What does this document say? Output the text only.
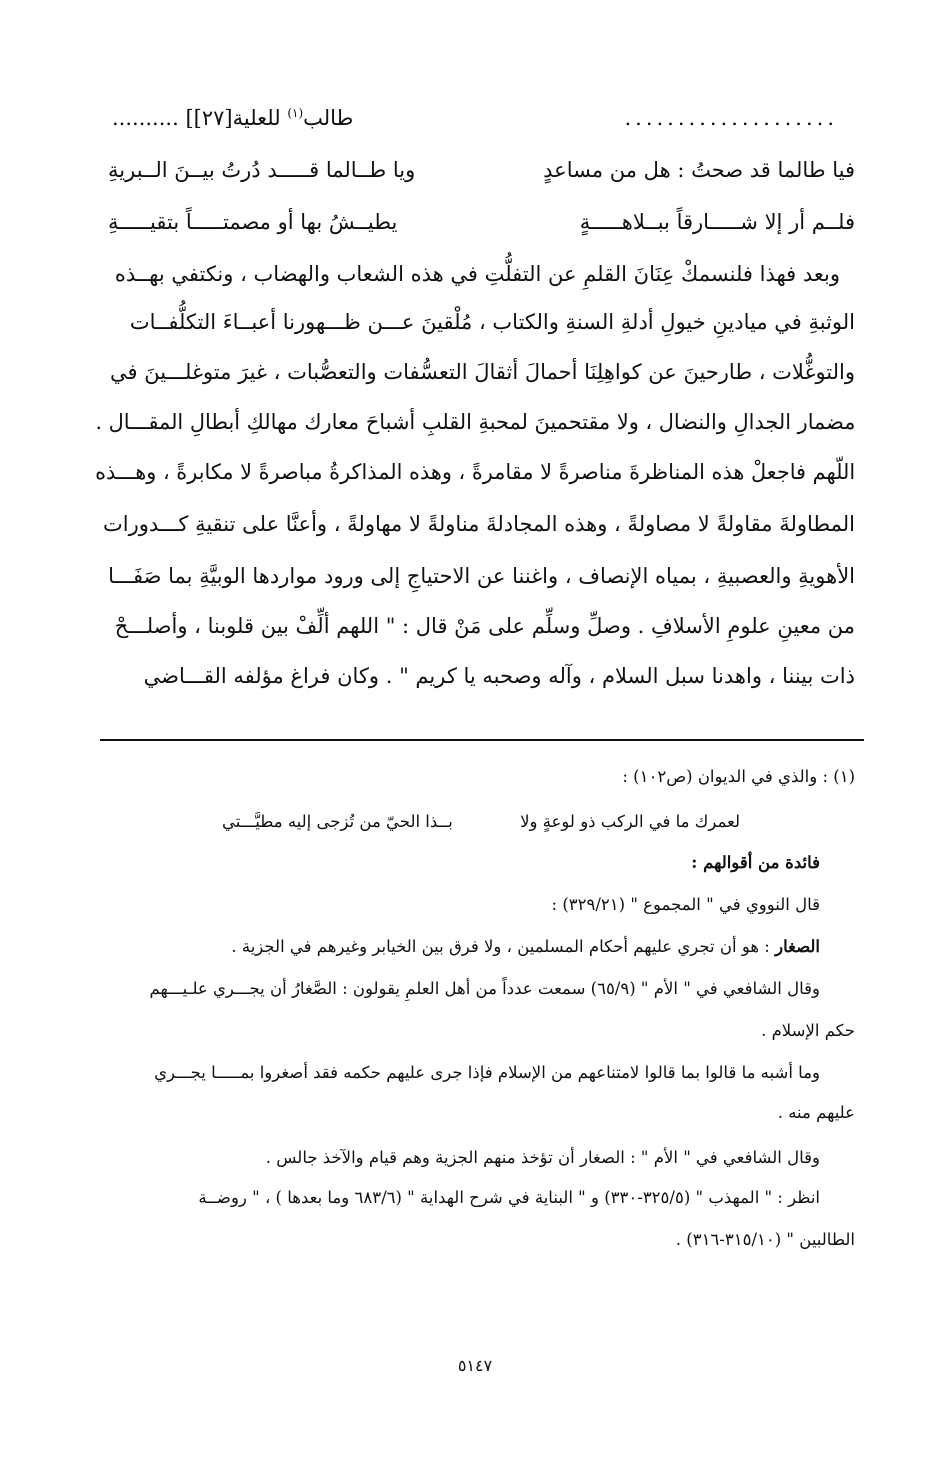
....................
طالب$^{(١)}$ للعلية[٢٧]] ..........
فيا طالما قد صحتُ : هل من مساعدٍ
ويا طــالما قـــــد دُرتُ بيــنَ الــبريةِ
فلــم أر إلا شـــــارقاً ببــلاهـــــةٍ
يطيــشُ بها أو مصمتـــــاً بتقيـــــةِ
وبعد فهذا فلنسمكْ عِنَانَ القلمِ عن التفلُّتِ في هذه الشعاب والهضاب ، ونكتفي بهــذه
الوثبةِ في ميادينِ خيولِ أدلةِ السنةِ والكتاب ، مُلْقينَ عـــن ظـــهورنا أعبــاءَ التكلُّفــات
والتوغُّلات ، طارحينَ عن كواهِلِنَا أحمالَ أثقالَ التعسُّفات والتعصُّبات ، غيرَ متوغلـــينَ في
مضمار الجدالِ والنضال ، ولا مقتحمينَ لمحبةِ القلبِ أشباحَ معارك مهالكِ أبطالِ المقـــال .
اللّهم فاجعلْ هذه المناظرةَ مناصرةً لا مقامرةً ، وهذه المذاكرةُ مباصرةً لا مكابرةً ، وهـــذه
المطاولةَ مقاولةً لا مصاولةً ، وهذه المجادلةَ مناولةً لا مهاولةً ، وأعنَّا على تنقيةِ كـــدورات
الأهويةِ والعصبيةِ ، بمياه الإنصاف ، واغننا عن الاحتياجِ إلى ورود مواردها الوبيَّةِ بما صَفَـــا
من معينِ علومِ الأسلافِ . وصلِّ وسلِّم على مَنْ قال : " اللهم ألِّفْ بين قلوبنا ، وأصلـــحْ
ذات بيننا ، واهدنا سبل السلام ، وآله وصحبه يا كريم " . وكان فراغ مؤلفه القـــاضي
(١) : والذي في الديوان (ص١٠٢) :
لعمرك ما في الركب ذو لوعةٍ ولا
بــذا الحيّ من تُزجى إليه مطيَّـــتي
فائدة من أقوالهم :
قال النووي في " المجموع " (٣٢٩/٢١) :
الصغار : هو أن تجري عليهم أحكام المسلمين ، ولا فرق بين الخيابر وغيرهم في الجزية .
وقال الشافعي في " الأم " (٦٥/٩) سمعت عدداً من أهل العلمِ يقولون : الصَّغارُ أن يجـــري علـيـــهم
حكم الإسلام .
وما أشبه ما قالوا بما قالوا لامتناعهم من الإسلام فإذا جرى عليهم حكمه فقد أصغروا بمـــــا يجـــري
عليهم منه .
وقال الشافعي في " الأم " : الصغار أن تؤخذ منهم الجزية وهم قيام والآخذ جالس .
انظر : " المهذب " (٣٢٥/٥-٣٣٠) و " البناية في شرح الهداية " (٦٨٣/٦ وما بعدها ) ، " روضــة
الطالبين " (٣١٥/١٠-٣١٦) .
٥١٤٧
